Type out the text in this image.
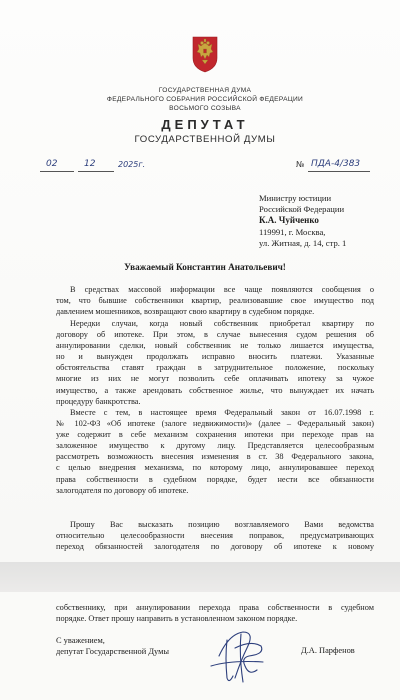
ГОСУДАРСТВЕННАЯ ДУМА
ФЕДЕРАЛЬНОГО СОБРАНИЯ РОССИЙСКОЙ ФЕДЕРАЦИИ
ВОСЬМОГО СОЗЫВА
ДЕПУТАТ
ГОСУДАРСТВЕННОЙ ДУМЫ
02	12	2025г.	№ ПДА-4/383
Министру юстиции
Российской Федерации
К.А. Чуйченко
119991, г. Москва,
ул. Житная, д. 14, стр. 1
Уважаемый Константин Анатольевич!
В средствах массовой информации все чаще появляются сообщения о
том, что бывшие собственники квартир, реализовавшие свое имущество под
давлением мошенников, возвращают свою квартиру в судебном порядке.
Нередки случаи, когда новый собственник приобретал квартиру по
договору об ипотеке. При этом, в случае вынесения судом решения об
аннулировании сделки, новый собственник не только лишается имущества,
но и вынужден продолжать исправно вносить платежи. Указанные
обстоятельства ставят граждан в затруднительное положение, поскольку
многие из них не могут позволить себе оплачивать ипотеку за чужое
имущество, а также арендовать собственное жилье, что вынуждает их начать
процедуру банкротства.
Вместе с тем, в настоящее время Федеральный закон от 16.07.1998 г.
№ 102-ФЗ «Об ипотеке (залоге недвижимости)» (далее – Федеральный закон)
уже содержит в себе механизм сохранения ипотеки при переходе прав на
заложенное имущество к другому лицу. Представляется целесообразным
рассмотреть возможность внесения изменения в ст. 38 Федерального закона,
с целью внедрения механизма, по которому лицо, аннулировавшее переход
права собственности в судебном порядке, будет нести все обязанности
залогодателя по договору об ипотеке.
Прошу Вас высказать позицию возглавляемого Вами ведомства
относительно целесообразности внесения поправок, предусматривающих
переход обязанностей залогодателя по договору об ипотеке к новому
собственнику, при аннулировании перехода права собственности в судебном
порядке. Ответ прошу направить в установленном законом порядке.
С уважением,
депутат Государственной Думы	Д.А. Парфенов
